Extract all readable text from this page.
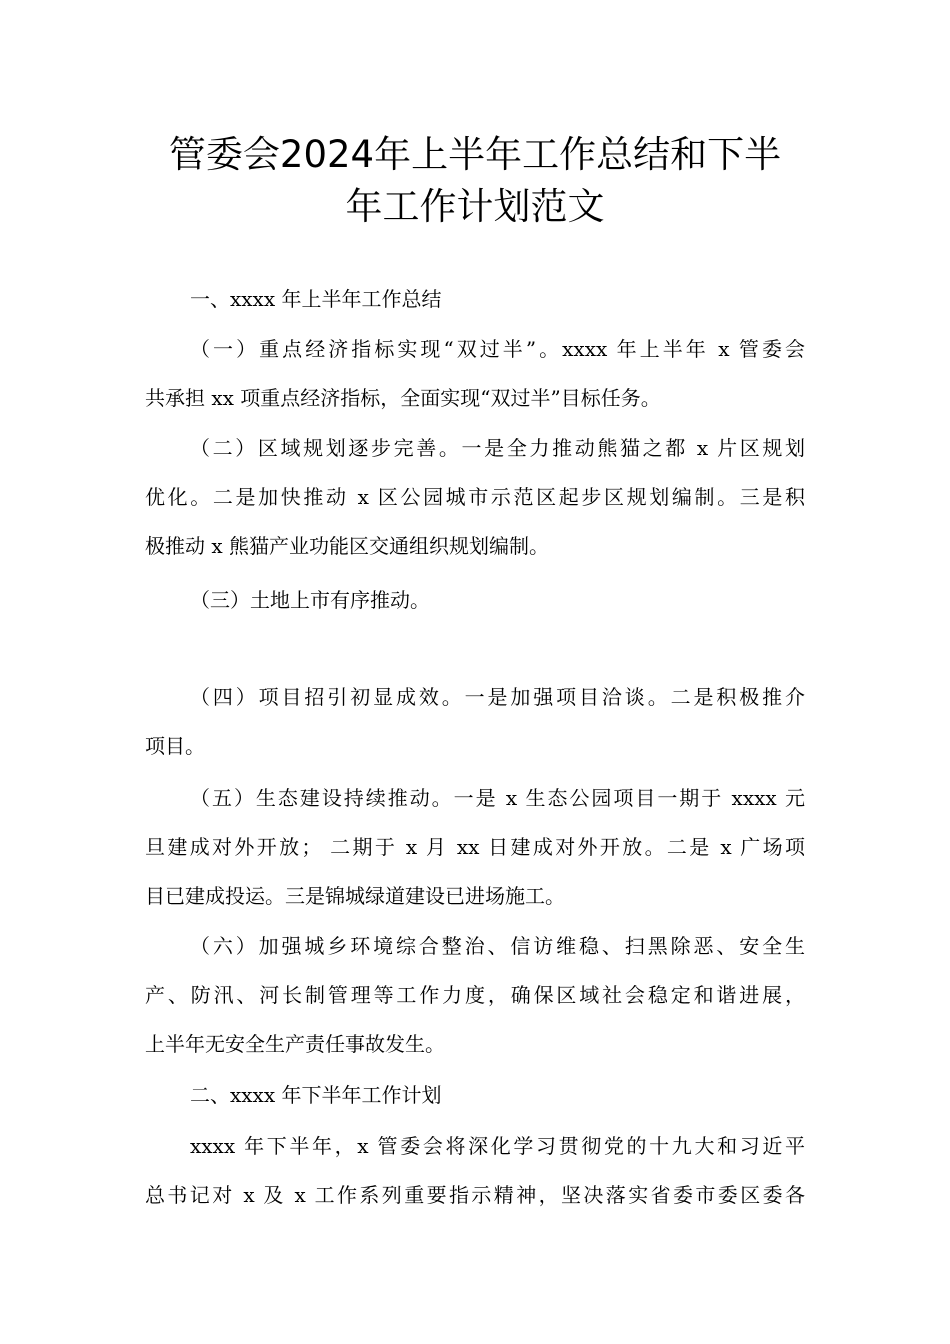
管委会2024年上半年工作总结和下半
年工作计划范文
一、xxxx 年上半年工作总结
（一）重点经济指标实现“双过半”。xxxx 年上半年 x 管委会
共承担 xx 项重点经济指标，全面实现“双过半”目标任务。
（二）区域规划逐步完善。一是全力推动熊猫之都 x 片区规划
优化。二是加快推动 x 区公园城市示范区起步区规划编制。三是积
极推动 x 熊猫产业功能区交通组织规划编制。
（三）土地上市有序推动。
（四）项目招引初显成效。一是加强项目洽谈。二是积极推介
项目。
（五）生态建设持续推动。一是 x 生态公园项目一期于 xxxx 元
旦建成对外开放； 二期于 x 月 xx 日建成对外开放。二是 x 广场项
目已建成投运。三是锦城绿道建设已进场施工。
（六）加强城乡环境综合整治、信访维稳、扫黑除恶、安全生
产、防汛、河长制管理等工作力度，确保区域社会稳定和谐进展，
上半年无安全生产责任事故发生。
二、xxxx 年下半年工作计划
xxxx 年下半年，x 管委会将深化学习贯彻党的十九大和习近平
总书记对 x 及 x 工作系列重要指示精神，坚决落实省委市委区委各
